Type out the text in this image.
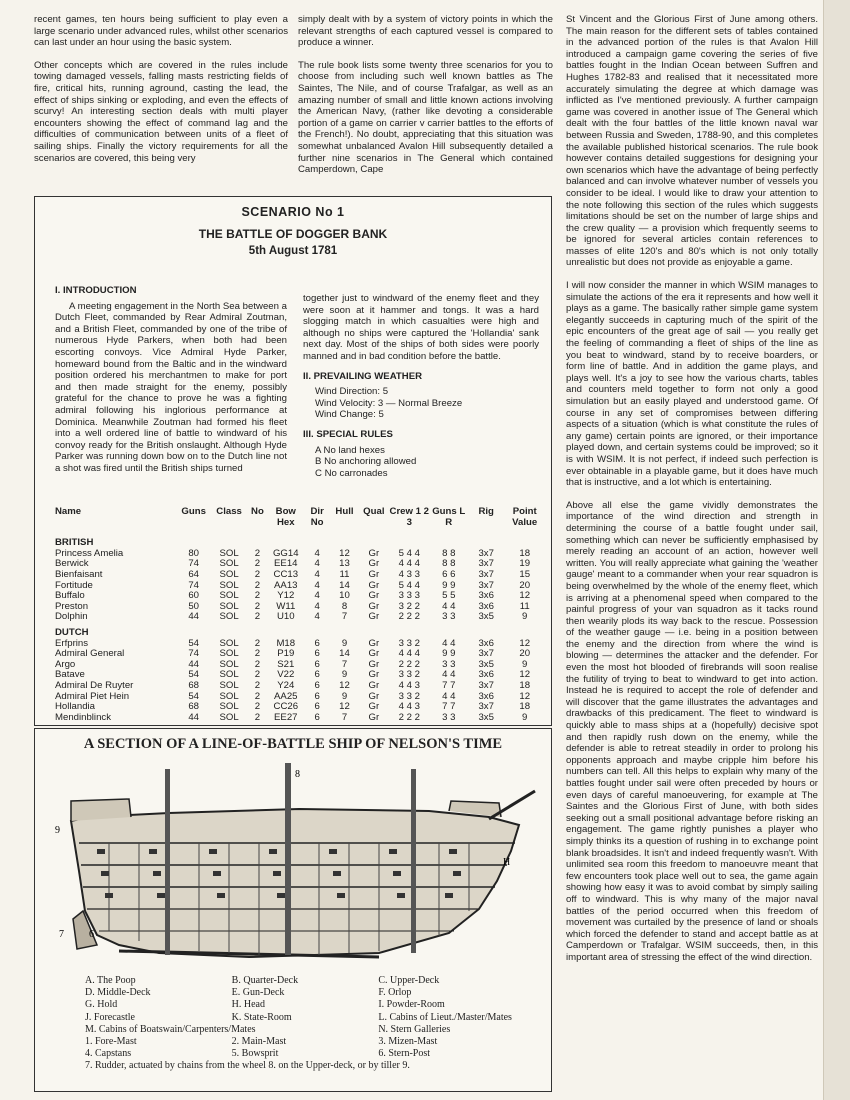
recent games, ten hours being sufficient to play even a large scenario under advanced rules, whilst other scenarios can last under an hour using the basic system.

Other concepts which are covered in the rules include towing damaged vessels, falling masts restricting fields of fire, critical hits, running aground, casting the lead, the effect of ships sinking or exploding, and even the effects of scurvy! An interesting section deals with multi player encounters showing the effect of command lag and the difficulties of communication between units of a fleet of sailing ships. Finally the victory requirements for all the scenarios are covered, this being very

simply dealt with by a system of victory points in which the relevant strengths of each captured vessel is compared to produce a winner.

The rule book lists some twenty three scenarios for you to choose from including such well known battles as The Saintes, The Nile, and of course Trafalgar, as well as an amazing number of small and little known actions involving the American Navy, (rather like devoting a considerable portion of a game on carrier v carrier battles to the efforts of the French!). No doubt, appreciating that this situation was somewhat unbalanced Avalon Hill subsequently detailed a further nine scenarios in The General which contained Camperdown, Cape

St Vincent and the Glorious First of June among others. The main reason for the different sets of tables contained in the advanced portion of the rules is that Avalon Hill introduced a campaign game covering the series of five battles fought in the Indian Ocean between Suffren and Hughes 1782-83 and realised that it necessitated more accurately simulating the degree at which damage was inflicted as I've mentioned previously. A further campaign game was covered in another issue of The General which dealt with the four battles of the little known naval war between Russia and Sweden, 1788-90, and this completes the available published historical scenarios. The rule book however contains detailed suggestions for designing your own scenarios which have the advantage of being perfectly balanced and can involve whatever number of vessels you consider to be ideal. I would like to draw your attention to the note following this section of the rules which suggests limitations should be set on the number of large ships and the crew quality — a provision which frequently seems to be ignored for several articles contain references to masses of elite 120's and 80's which is not only totally unrealistic but does not provide as enjoyable a game.

I will now consider the manner in which WSIM manages to simulate the actions of the era it represents and how well it plays as a game. The basically rather simple game system elegantly succeeds in capturing much of the spirit of the epic encounters of the great age of sail — you really get the feeling of commanding a fleet of ships of the line as you beat to windward, stand by to receive boarders, or form line of battle. And in addition the game plays, and plays well. It's a joy to see how the various charts, tables and counters meld together to form not only a good simulation but an easily played and understood game. Of course in any set of compromises between differing aspects of a situation (which is what constitute the rules of any game) certain points are ignored, or their importance played down, and certain systems could be improved; so it is with WSIM. It is not perfect, if indeed such perfection is ever obtainable in a playable game, but it does have much that is instructive, and a lot which is entertaining.

Above all else the game vividly demonstrates the importance of the wind direction and strength in determining the course of a battle fought under sail, something which can never be sufficiently emphasised by merely reading an account of an action, however well written. You will really appreciate what gaining the 'weather gauge' meant to a commander when your rear squadron is being overwhelmed by the whole of the enemy fleet, which is arriving at a phenomenal speed when compared to the painful progress of your van squadron as it tacks round then wearily plods its way back to the rescue. Possession of the weather gauge — i.e. being in a position between the enemy and the direction from where the wind is blowing — determines the attacker and the defender. For even the most hot blooded of firebrands will soon realise the futility of trying to beat to windward to get into action. Instead he is required to accept the role of defender and will discover that the game illustrates the advantages and drawbacks of this predicament. The fleet to windward is quickly able to mass ships at a (hopefully) decisive spot and then rapidly rush down on the enemy, while the defender is able to retreat steadily in order to prolong his opponents approach and maybe cripple him before his numbers can tell. All this helps to explain why many of the battles fought under sail were often preceded by hours or even days of careful manoeuvering, for example at The Saintes and the Glorious First of June, with both sides seeking out a small positional advantage before risking an engagement. The game rightly punishes a player who simply thinks its a question of rushing in to exchange point blank broadsides. It isn't and indeed frequently wasn't. With unlimited sea room this freedom to manoeuvre meant that few encounters took place well out to sea, the game again showing how easy it was to avoid combat by simply sailing off to windward. This is why many of the major naval battles of the period occurred when this freedom of movement was curtailed by the presence of land or shoals which forced the defender to stand and accept battle as at Camperdown or Trafalgar. WSIM succeeds, then, in this important area of stressing the effect of the wind direction.

SCENARIO No 1
THE BATTLE OF DOGGER BANK
5th August 1781
I. INTRODUCTION
A meeting engagement in the North Sea between a Dutch Fleet, commanded by Rear Admiral Zoutman, and a British Fleet, commanded by one of the tribe of numerous Hyde Parkers, when both had been escorting convoys. Vice Admiral Hyde Parker, homeward bound from the Baltic and in the windward position ordered his merchantmen to make for port and then made straight for the enemy, possibly grateful for the chance to prove he was a fighting admiral following his inglorious performance at Dominica. Meanwhile Zoutman had formed his fleet into a well ordered line of battle to windward of his convoy ready for the British onslaught. Although Hyde Parker was running down bow on to the Dutch line not a shot was fired until the British ships turned
together just to windward of the enemy fleet and they were soon at it hammer and tongs. It was a hard slogging match in which casualties were high and although no ships were captured the 'Hollandia' sank next day. Most of the ships of both sides were poorly manned and in bad condition before the battle.
II. PREVAILING WEATHER
Wind Direction: 5
Wind Velocity: 3 — Normal Breeze
Wind Change: 5
III. SPECIAL RULES
A No land hexes
B No anchoring allowed
C No carronades
Name	Guns	Class	No	Bow Hex	Dir No	Hull	Qual	Crew 1 2 3	Guns L R	Rig	Point Value
BRITISH											
Princess Amelia	80	SOL	2	GG14	4	12	Gr	5 4 4	8 8	3x7	18
Berwick	74	SOL	2	EE14	4	13	Gr	4 4 4	8 8	3x7	19
Bienfaisant	64	SOL	2	CC13	4	11	Gr	4 3 3	6 6	3x7	15
Fortitude	74	SOL	2	AA13	4	14	Gr	5 4 4	9 9	3x7	20
Buffalo	60	SOL	2	Y12	4	10	Gr	3 3 3	5 5	3x6	12
Preston	50	SOL	2	W11	4	8	Gr	3 2 2	4 4	3x6	11
Dolphin	44	SOL	2	U10	4	7	Gr	2 2 2	3 3	3x5	9

DUTCH											
Erfprins	54	SOL	2	M18	6	9	Gr	3 3 2	4 4	3x6	12
Admiral General	74	SOL	2	P19	6	14	Gr	4 4 4	9 9	3x7	20
Argo	44	SOL	2	S21	6	7	Gr	2 2 2	3 3	3x5	9
Batave	54	SOL	2	V22	6	9	Gr	3 3 2	4 4	3x6	12
Admiral De Ruyter	68	SOL	2	Y24	6	12	Gr	4 4 3	7 7	3x7	18
Admiral Piet Hein	54	SOL	2	AA25	6	9	Gr	3 3 2	4 4	3x6	12
Hollandia	68	SOL	2	CC26	6	12	Gr	4 4 3	7 7	3x7	18
Mendinblinck	44	SOL	2	EE27	6	7	Gr	2 2 2	3 3	3x5	9
A SECTION OF A LINE-OF-BATTLE SHIP OF NELSON'S TIME
8
9
7	6
H
A. The Poop	B. Quarter-Deck	C. Upper-Deck
D. Middle-Deck	E. Gun-Deck	F. Orlop
G. Hold	H. Head	I. Powder-Room
J. Forecastle	K. State-Room	L. Cabins of Lieut./Master/Mates
M. Cabins of Boatswain/Carpenters/Mates	N. Stern Galleries
1. Fore-Mast	2. Main-Mast	3. Mizen-Mast
4. Capstans	5. Bowsprit	6. Stern-Post
7. Rudder, actuated by chains from the wheel 8. on the Upper-deck, or by tiller 9.
